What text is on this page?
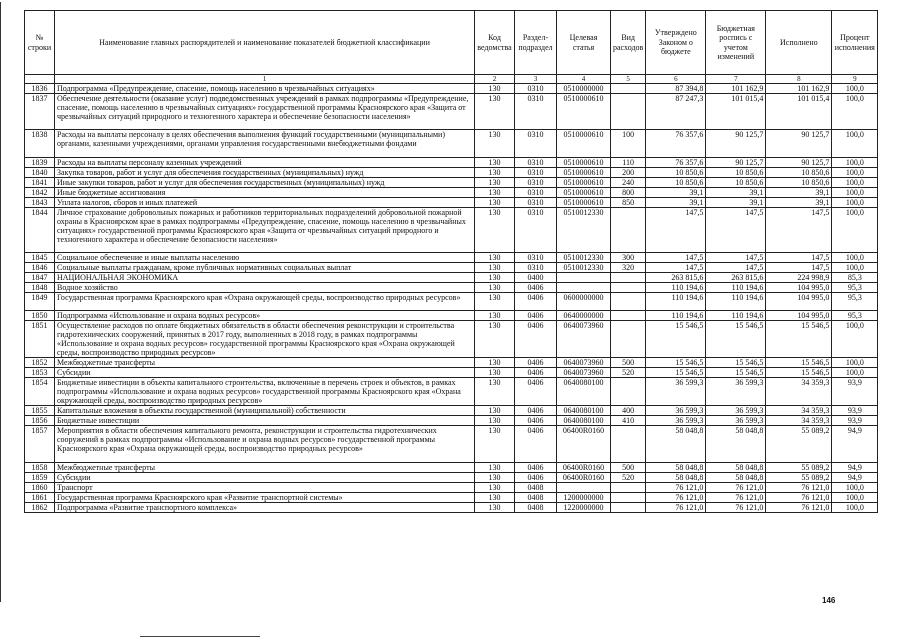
№ строки	Наименование главных распорядителей и наименование показателей бюджетной классификации	Код ведомства	Раздел-подраздел	Целевая статья	Вид расходов	Утверждено Законом о бюджете	Бюджетная роспись с учетом изменений	Исполнено	Процент исполнения
	1	2	3	4	5	6	7	8	9
1836	Подпрограмма «Предупреждение, спасение, помощь населению в чрезвычайных ситуациях»	130	0310	0510000000		87 394,8	101 162,9	101 162,9	100,0
1837	Обеспечение деятельности (оказание услуг) подведомственных учреждений в рамках подпрограммы «Предупреждение, спасение, помощь населению в чрезвычайных ситуациях» государственной программы Красноярского края «Защита от чрезвычайных ситуаций природного и техногенного характера и обеспечение безопасности населения»	130	0310	0510000610		87 247,3	101 015,4	101 015,4	100,0
1838	Расходы на выплаты персоналу в целях обеспечения выполнения функций государственными (муниципальными) органами, казенными учреждениями, органами управления государственными внебюджетными фондами	130	0310	0510000610	100	76 357,6	90 125,7	90 125,7	100,0
1839	Расходы на выплаты персоналу казенных учреждений	130	0310	0510000610	110	76 357,6	90 125,7	90 125,7	100,0
1840	Закупка товаров, работ и услуг для обеспечения государственных (муниципальных) нужд	130	0310	0510000610	200	10 850,6	10 850,6	10 850,6	100,0
1841	Иные закупки товаров, работ и услуг для обеспечения государственных (муниципальных) нужд	130	0310	0510000610	240	10 850,6	10 850,6	10 850,6	100,0
1842	Иные бюджетные ассигнования	130	0310	0510000610	800	39,1	39,1	39,1	100,0
1843	Уплата налогов, сборов и иных платежей	130	0310	0510000610	850	39,1	39,1	39,1	100,0
1844	Личное страхование добровольных пожарных и работников территориальных подразделений добровольной пожарной охраны в Красноярском крае в рамках подпрограммы «Предупреждение, спасение, помощь населению в чрезвычайных ситуациях» государственной программы Красноярского края «Защита от чрезвычайных ситуаций природного и техногенного характера и обеспечение безопасности населения»	130	0310	0510012330		147,5	147,5	147,5	100,0
1845	Социальное обеспечение и иные выплаты населению	130	0310	0510012330	300	147,5	147,5	147,5	100,0
1846	Социальные выплаты гражданам, кроме публичных нормативных социальных выплат	130	0310	0510012330	320	147,5	147,5	147,5	100,0
1847	НАЦИОНАЛЬНАЯ ЭКОНОМИКА	130	0400			263 815,6	263 815,6	224 998,9	85,3
1848	Водное хозяйство	130	0406			110 194,6	110 194,6	104 995,0	95,3
1849	Государственная программа Красноярского края «Охрана окружающей среды, воспроизводство природных ресурсов»	130	0406	0600000000		110 194,6	110 194,6	104 995,0	95,3
1850	Подпрограмма «Использование и охрана водных ресурсов»	130	0406	0640000000		110 194,6	110 194,6	104 995,0	95,3
1851	Осуществление расходов по оплате бюджетных обязательств в области обеспечения реконструкции и строительства гидротехнических сооружений, принятых в 2017 году, выполненных в 2018 году, в рамках подпрограммы «Использование и охрана водных ресурсов» государственной программы Красноярского края «Охрана окружающей среды, воспроизводство природных ресурсов»	130	0406	0640073960		15 546,5	15 546,5	15 546,5	100,0
1852	Межбюджетные трансферты	130	0406	0640073960	500	15 546,5	15 546,5	15 546,5	100,0
1853	Субсидии	130	0406	0640073960	520	15 546,5	15 546,5	15 546,5	100,0
1854	Бюджетные инвестиции в объекты капитального строительства, включенные в перечень строек и объектов, в рамках подпрограммы «Использование и охрана водных ресурсов» государственной программы Красноярского края «Охрана окружающей среды, воспроизводство природных ресурсов»	130	0406	0640080100		36 599,3	36 599,3	34 359,3	93,9
1855	Капитальные вложения в объекты государственной (муниципальной) собственности	130	0406	0640080100	400	36 599,3	36 599,3	34 359,3	93,9
1856	Бюджетные инвестиции	130	0406	0640080100	410	36 599,3	36 599,3	34 359,3	93,9
1857	Мероприятия в области обеспечения капитального ремонта, реконструкции и строительства гидротехнических сооружений в рамках подпрограммы «Использование и охрана водных ресурсов» государственной программы Красноярского края «Охрана окружающей среды, воспроизводство природных ресурсов»	130	0406	06400R0160		58 048,8	58 048,8	55 089,2	94,9
1858	Межбюджетные трансферты	130	0406	06400R0160	500	58 048,8	58 048,8	55 089,2	94,9
1859	Субсидии	130	0406	06400R0160	520	58 048,8	58 048,8	55 089,2	94,9
1860	Транспорт	130	0408			76 121,0	76 121,0	76 121,0	100,0
1861	Государственная программа Красноярского края «Развитие транспортной системы»	130	0408	1200000000		76 121,0	76 121,0	76 121,0	100,0
1862	Подпрограмма «Развитие транспортного комплекса»	130	0408	1220000000		76 121,0	76 121,0	76 121,0	100,0
146
